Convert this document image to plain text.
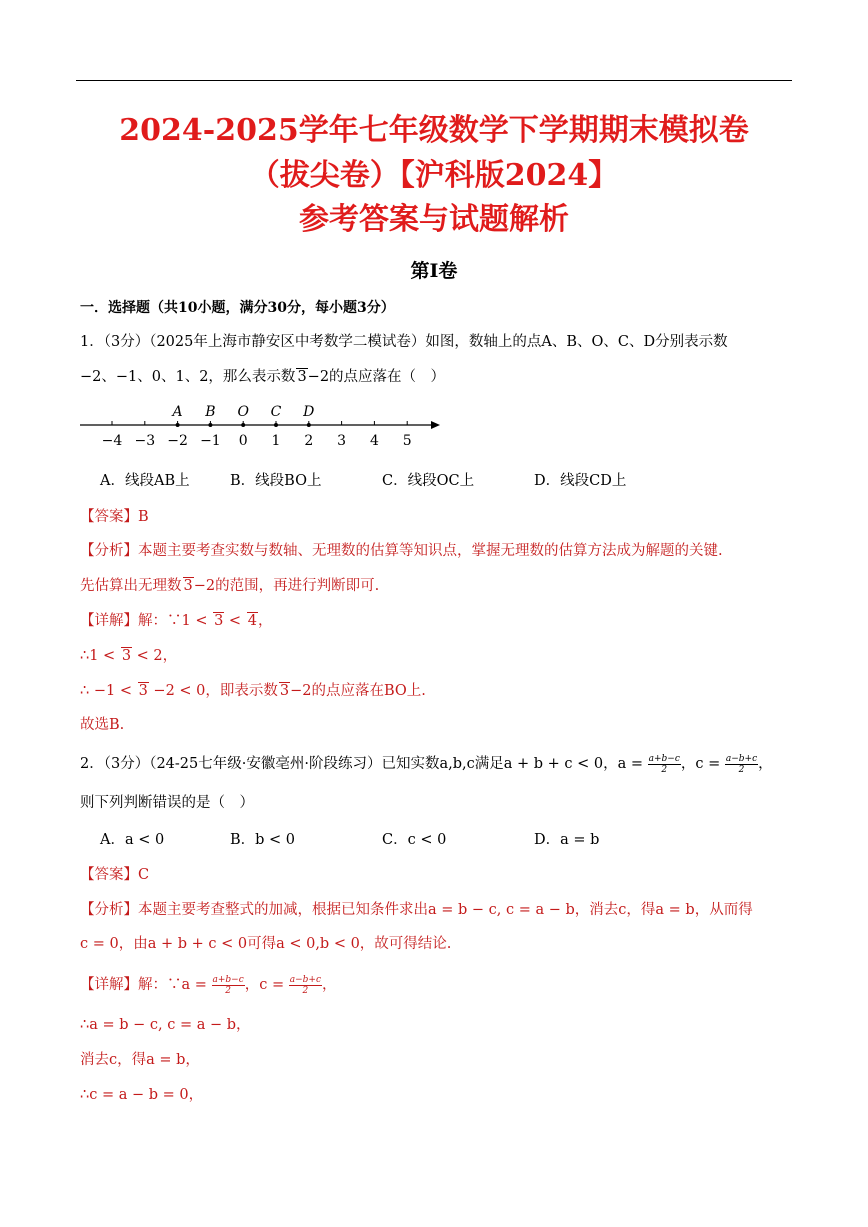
2024-2025学年七年级数学下学期期末模拟卷
（拔尖卷）【沪科版2024】
参考答案与试题解析
第Ⅰ卷
一．选择题（共10小题，满分30分，每小题3分）
1．（3分）（2025年上海市静安区中考数学二模试卷）如图，数轴上的点A、B、O、C、D分别表示数
−2、−1、0、1、2，那么表示数 3−2的点应落在（　）
−4 −3 −2 −1 0 1 2 3 4 5
A B O C D
A．线段AB上	B．线段BO上	C．线段OC上	D．线段CD上
【答案】B
【分析】本题主要考查实数与数轴、无理数的估算等知识点，掌握无理数的估算方法成为解题的关键.
先估算出无理数 3−2的范围，再进行判断即可.
【详解】解：∵1 < 3 < 4，
∴1 < 3 < 2，
∴ −1 < 3 −2 < 0，即表示数 3−2的点应落在BO上.
故选B.
2．（3分）（24-25七年级·安徽亳州·阶段练习）已知实数a,b,c满足a + b + c < 0，$a = \frac{a+b-c}{2}$ ，$c = \frac{a-b+c}{2}$ ，
则下列判断错误的是（　）
A．a < 0	B．b < 0	C．c < 0	D．a = b
【答案】C
【分析】本题主要考查整式的加减，根据已知条件求出a = b − c, c = a − b，消去c，得a = b，从而得
c = 0，由a + b + c < 0可得a < 0,b < 0，故可得结论.
【详解】解：∵a = $\frac{a+b-c}{2}$ ，$c = \frac{a-b+c}{2}$ ，
∴a = b − c, c = a − b，
消去c，得a = b，
∴c = a − b = 0，
